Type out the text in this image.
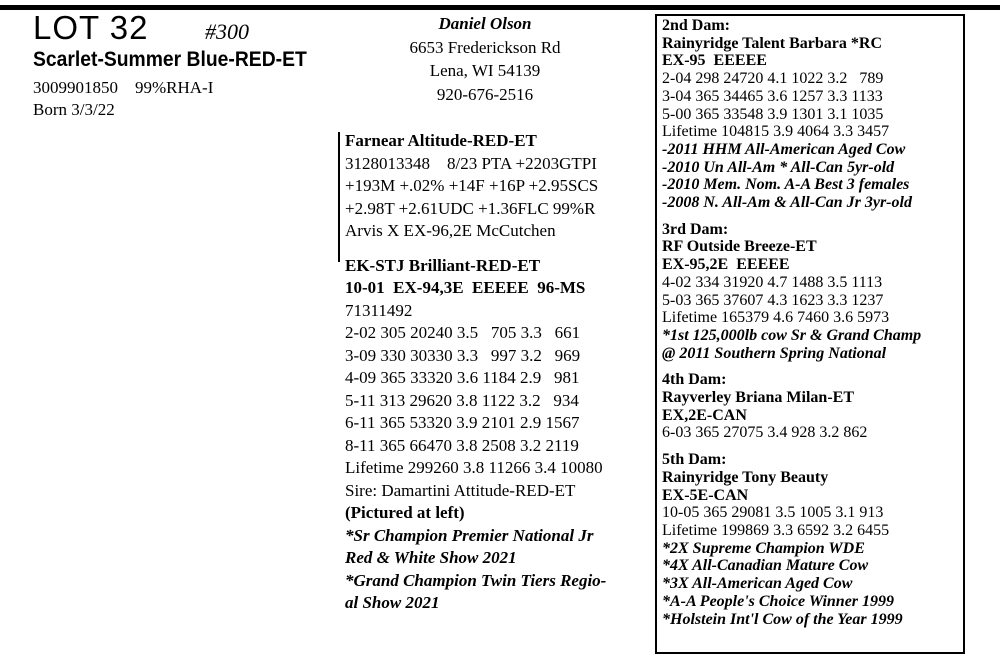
LOT 32	#300
Scarlet-Summer Blue-RED-ET
3009901850    99%RHA-I
Born 3/3/22
Daniel Olson
6653 Frederickson Rd
Lena, WI 54139
920-676-2516
Farnear Altitude-RED-ET
3128013348    8/23 PTA +2203GTPI
+193M +.02% +14F +16P +2.95SCS
+2.98T +2.61UDC +1.36FLC 99%R
Arvis X EX-96,2E McCutchen
EK-STJ Brilliant-RED-ET
10-01  EX-94,3E  EEEEE  96-MS
71311492
2-02 305 20240 3.5   705 3.3   661
3-09 330 30330 3.3   997 3.2   969
4-09 365 33320 3.6 1184 2.9   981
5-11 313 29620 3.8 1122 3.2   934
6-11 365 53320 3.9 2101 2.9 1567
8-11 365 66470 3.8 2508 3.2 2119
Lifetime 299260 3.8 11266 3.4 10080
Sire: Damartini Attitude-RED-ET
(Pictured at left)
*Sr Champion Premier National Jr
Red & White Show 2021
*Grand Champion Twin Tiers Regio-
al Show 2021
2nd Dam:
Rainyridge Talent Barbara *RC
EX-95  EEEEE
2-04 298 24720 4.1 1022 3.2   789
3-04 365 34465 3.6 1257 3.3 1133
5-00 365 33548 3.9 1301 3.1 1035
Lifetime 104815 3.9 4064 3.3 3457
-2011 HHM All-American Aged Cow
-2010 Un All-Am * All-Can 5yr-old
-2010 Mem. Nom. A-A Best 3 females
-2008 N. All-Am & All-Can Jr 3yr-old
3rd Dam:
RF Outside Breeze-ET
EX-95,2E  EEEEE
4-02 334 31920 4.7 1488 3.5 1113
5-03 365 37607 4.3 1623 3.3 1237
Lifetime 165379 4.6 7460 3.6 5973
*1st 125,000lb cow Sr & Grand Champ
@ 2011 Southern Spring National
4th Dam:
Rayverley Briana Milan-ET
EX,2E-CAN
6-03 365 27075 3.4 928 3.2 862
5th Dam:
Rainyridge Tony Beauty
EX-5E-CAN
10-05 365 29081 3.5 1005 3.1 913
Lifetime 199869 3.3 6592 3.2 6455
*2X Supreme Champion WDE
*4X All-Canadian Mature Cow
*3X All-American Aged Cow
*A-A People's Choice Winner 1999
*Holstein Int'l Cow of the Year 1999
